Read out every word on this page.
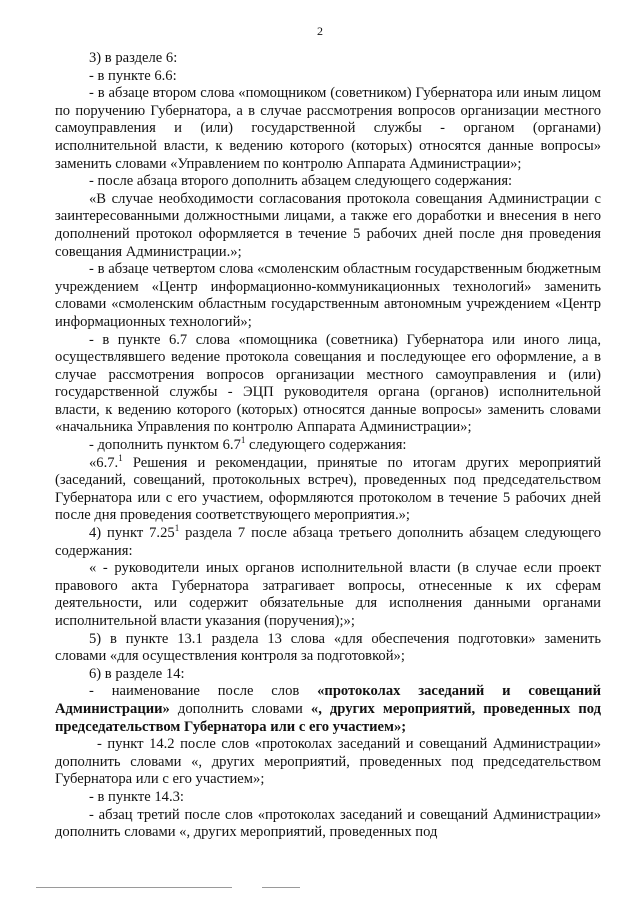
2

3) в разделе 6:

- в пункте 6.6:

- в абзаце втором слова «помощником (советником) Губернатора или иным лицом по поручению Губернатора, а в случае рассмотрения вопросов организации местного самоуправления и (или) государственной службы - органом (органами) исполнительной власти, к ведению которого (которых) относятся данные вопросы» заменить словами «Управлением по контролю Аппарата Администрации»;

- после абзаца второго дополнить абзацем следующего содержания:

«В случае необходимости согласования протокола совещания Администрации с заинтересованными должностными лицами, а также его доработки и внесения в него дополнений протокол оформляется в течение 5 рабочих дней после дня проведения совещания Администрации.»;

- в абзаце четвертом слова «смоленским областным государственным бюджетным учреждением «Центр информационно-коммуникационных технологий» заменить словами «смоленским областным государственным автономным учреждением «Центр информационных технологий»;

- в пункте 6.7 слова «помощника (советника) Губернатора или иного лица, осуществлявшего ведение протокола совещания и последующее его оформление, а в случае рассмотрения вопросов организации местного самоуправления и (или) государственной службы - ЭЦП руководителя органа (органов) исполнительной власти, к ведению которого (которых) относятся данные вопросы» заменить словами «начальника Управления по контролю Аппарата Администрации»;

- дополнить пунктом $6.7^1$ следующего содержания:

«6.7.$^1$ Решения и рекомендации, принятые по итогам других мероприятий (заседаний, совещаний, протокольных встреч), проведенных под председательством Губернатора или с его участием, оформляются протоколом в течение 5 рабочих дней после дня проведения соответствующего мероприятия.»;

4) пункт 7.25$^1$ раздела 7 после абзаца третьего дополнить абзацем следующего содержания:

« - руководители иных органов исполнительной власти (в случае если проект правового акта Губернатора затрагивает вопросы, отнесенные к их сферам деятельности, или содержит обязательные для исполнения данными органами исполнительной власти указания (поручения);»;

5) в пункте 13.1 раздела 13 слова «для обеспечения подготовки» заменить словами «для осуществления контроля за подготовкой»;

6) в разделе 14:

- наименование после слов «протоколах заседаний и совещаний Администрации» дополнить словами «, других мероприятий, проведенных под председательством Губернатора или с его участием»;

- пункт 14.2 после слов «протоколах заседаний и совещаний Администрации» дополнить словами «, других мероприятий, проведенных под председательством Губернатора или с его участием»;

- в пункте 14.3:

- абзац третий после слов «протоколах заседаний и совещаний Администрации» дополнить словами «, других мероприятий, проведенных под
